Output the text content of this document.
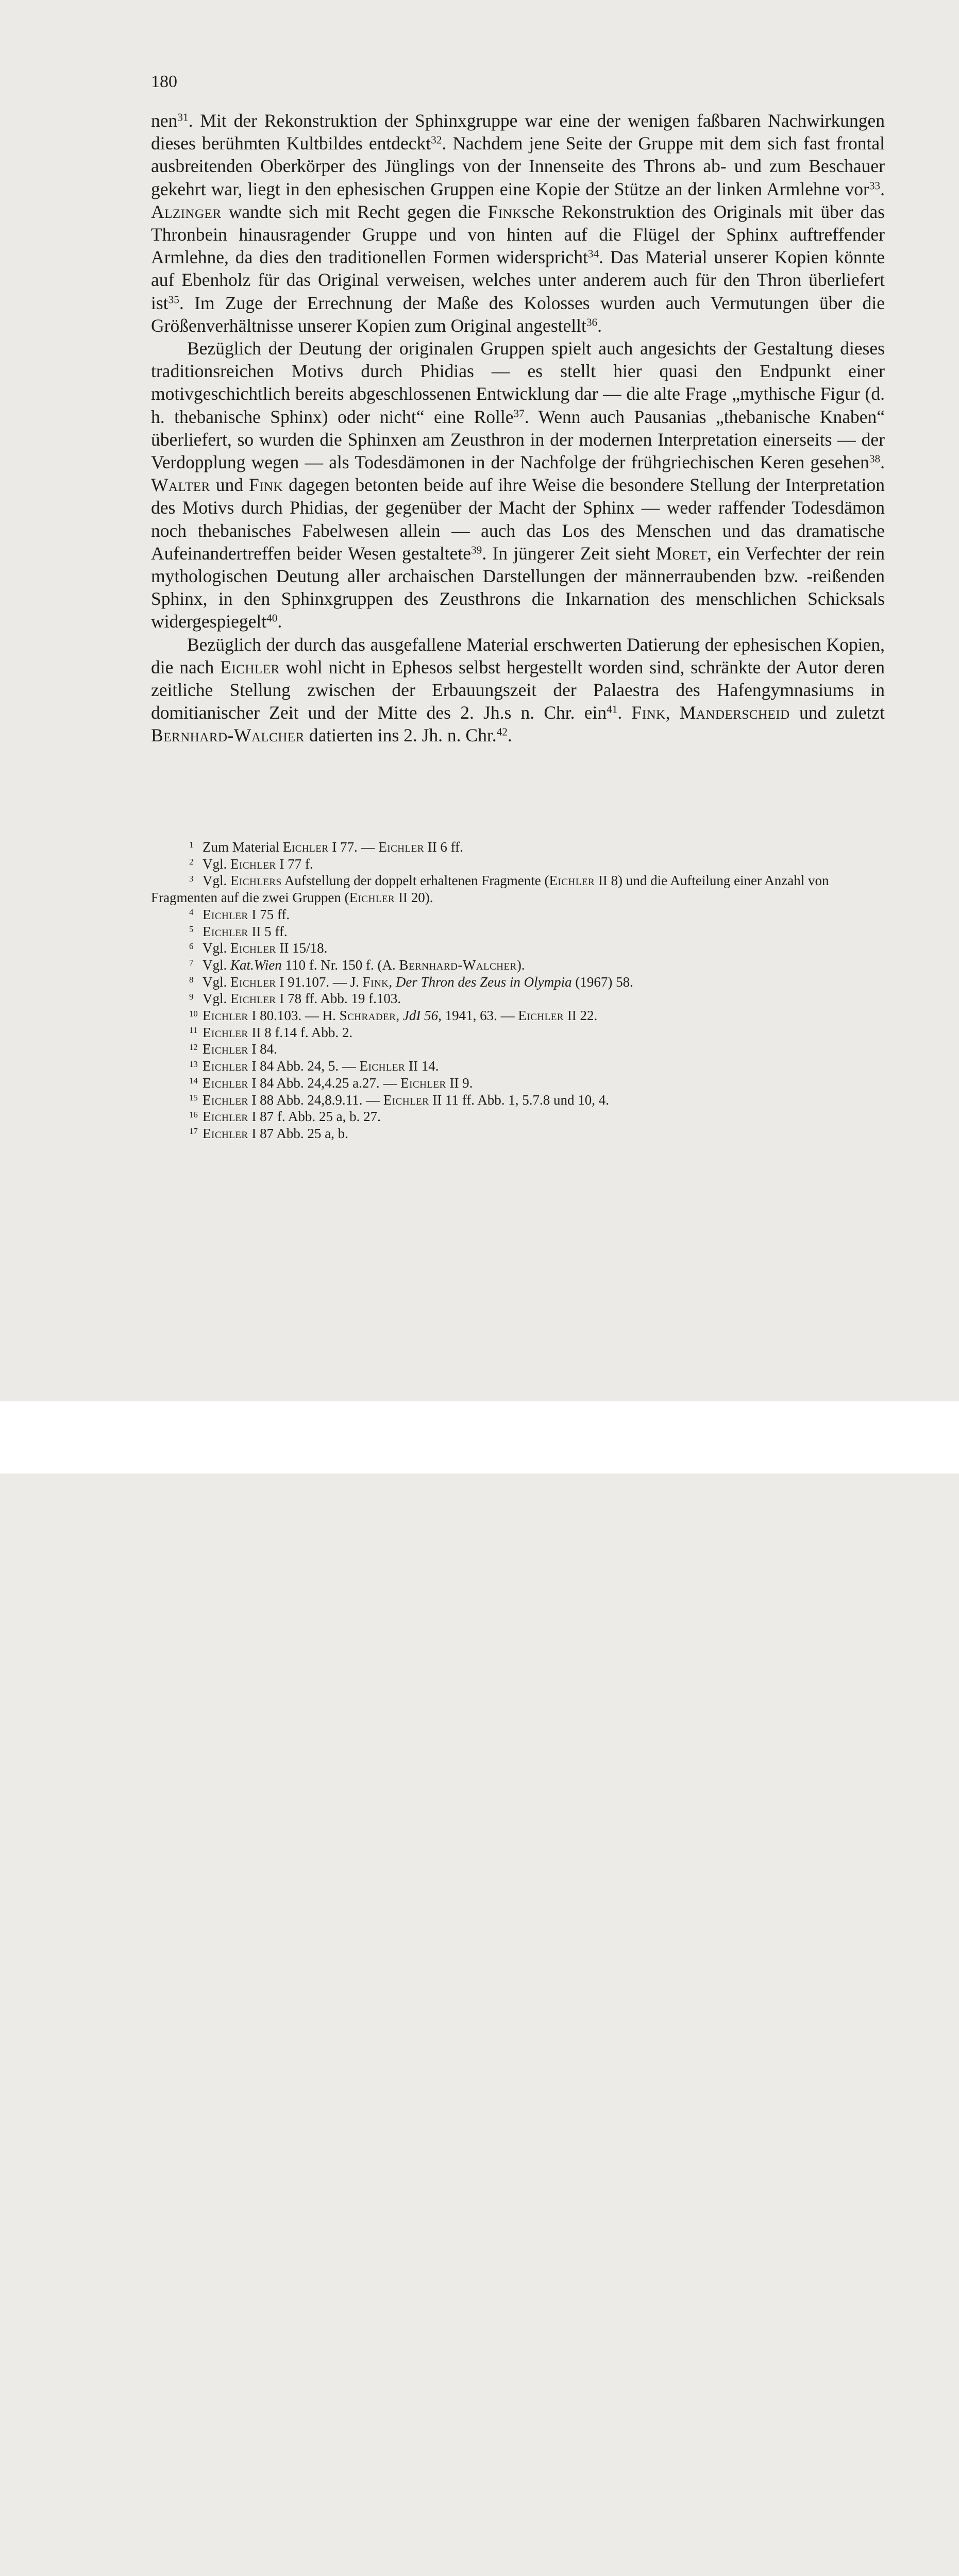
180

nen$^{31}$. Mit der Rekonstruktion der Sphinxgruppe war eine der wenigen faßbaren Nachwirkungen dieses berühmten Kultbildes entdeckt$^{32}$. Nachdem jene Seite der Gruppe mit dem sich fast frontal ausbreitenden Oberkörper des Jünglings von der Innenseite des Throns ab- und zum Beschauer gekehrt war, liegt in den ephesischen Gruppen eine Kopie der Stütze an der linken Armlehne vor$^{33}$. Alzinger wandte sich mit Recht gegen die Finksche Rekonstruktion des Originals mit über das Thronbein hinausragender Gruppe und von hinten auf die Flügel der Sphinx auftreffender Armlehne, da dies den traditionellen Formen widerspricht$^{34}$. Das Material unserer Kopien könnte auf Ebenholz für das Original verweisen, welches unter anderem auch für den Thron überliefert ist$^{35}$. Im Zuge der Errechnung der Maße des Kolosses wurden auch Vermutungen über die Größenverhältnisse unserer Kopien zum Original angestellt$^{36}$.

Bezüglich der Deutung der originalen Gruppen spielt auch angesichts der Gestaltung dieses traditionsreichen Motivs durch Phidias — es stellt hier quasi den Endpunkt einer motivgeschichtlich bereits abgeschlossenen Entwicklung dar — die alte Frage „mythische Figur (d. h. thebanische Sphinx) oder nicht“ eine Rolle$^{37}$. Wenn auch Pausanias „thebanische Knaben“ überliefert, so wurden die Sphinxen am Zeusthron in der modernen Interpretation einerseits — der Verdopplung wegen — als Todesdämonen in der Nachfolge der frühgriechischen Keren gesehen$^{38}$. Walter und Fink dagegen betonten beide auf ihre Weise die besondere Stellung der Interpretation des Motivs durch Phidias, der gegenüber der Macht der Sphinx — weder raffender Todesdämon noch thebanisches Fabelwesen allein — auch das Los des Menschen und das dramatische Aufeinandertreffen beider Wesen gestaltete$^{39}$. In jüngerer Zeit sieht Moret, ein Verfechter der rein mythologischen Deutung aller archaischen Darstellungen der männerraubenden bzw. -reißenden Sphinx, in den Sphinxgruppen des Zeusthrons die Inkarnation des menschlichen Schicksals widergespiegelt$^{40}$.

Bezüglich der durch das ausgefallene Material erschwerten Datierung der ephesischen Kopien, die nach Eichler wohl nicht in Ephesos selbst hergestellt worden sind, schränkte der Autor deren zeitliche Stellung zwischen der Erbauungszeit der Palaestra des Hafengymnasiums in domitianischer Zeit und der Mitte des 2. Jh.s n. Chr. ein$^{41}$. Fink, Manderscheid und zuletzt Bernhard-Walcher datierten ins 2. Jh. n. Chr.$^{42}$.

1 Zum Material Eichler I 77. — Eichler II 6 ff.
2 Vgl. Eichler I 77 f.
3 Vgl. Eichlers Aufstellung der doppelt erhaltenen Fragmente (Eichler II 8) und die Aufteilung einer Anzahl von Fragmenten auf die zwei Gruppen (Eichler II 20).
4 Eichler I 75 ff.
5 Eichler II 5 ff.
6 Vgl. Eichler II 15/18.
7 Vgl. Kat.Wien 110 f. Nr. 150 f. (A. Bernhard-Walcher).
8 Vgl. Eichler I 91.107. — J. Fink, Der Thron des Zeus in Olympia (1967) 58.
9 Vgl. Eichler I 78 ff. Abb. 19 f.103.
10 Eichler I 80.103. — H. Schrader, JdI 56, 1941, 63. — Eichler II 22.
11 Eichler II 8 f.14 f. Abb. 2.
12 Eichler I 84.
13 Eichler I 84 Abb. 24, 5. — Eichler II 14.
14 Eichler I 84 Abb. 24,4.25 a.27. — Eichler II 9.
15 Eichler I 88 Abb. 24,8.9.11. — Eichler II 11 ff. Abb. 1, 5.7.8 und 10, 4.
16 Eichler I 87 f. Abb. 25 a, b. 27.
17 Eichler I 87 Abb. 25 a, b.
